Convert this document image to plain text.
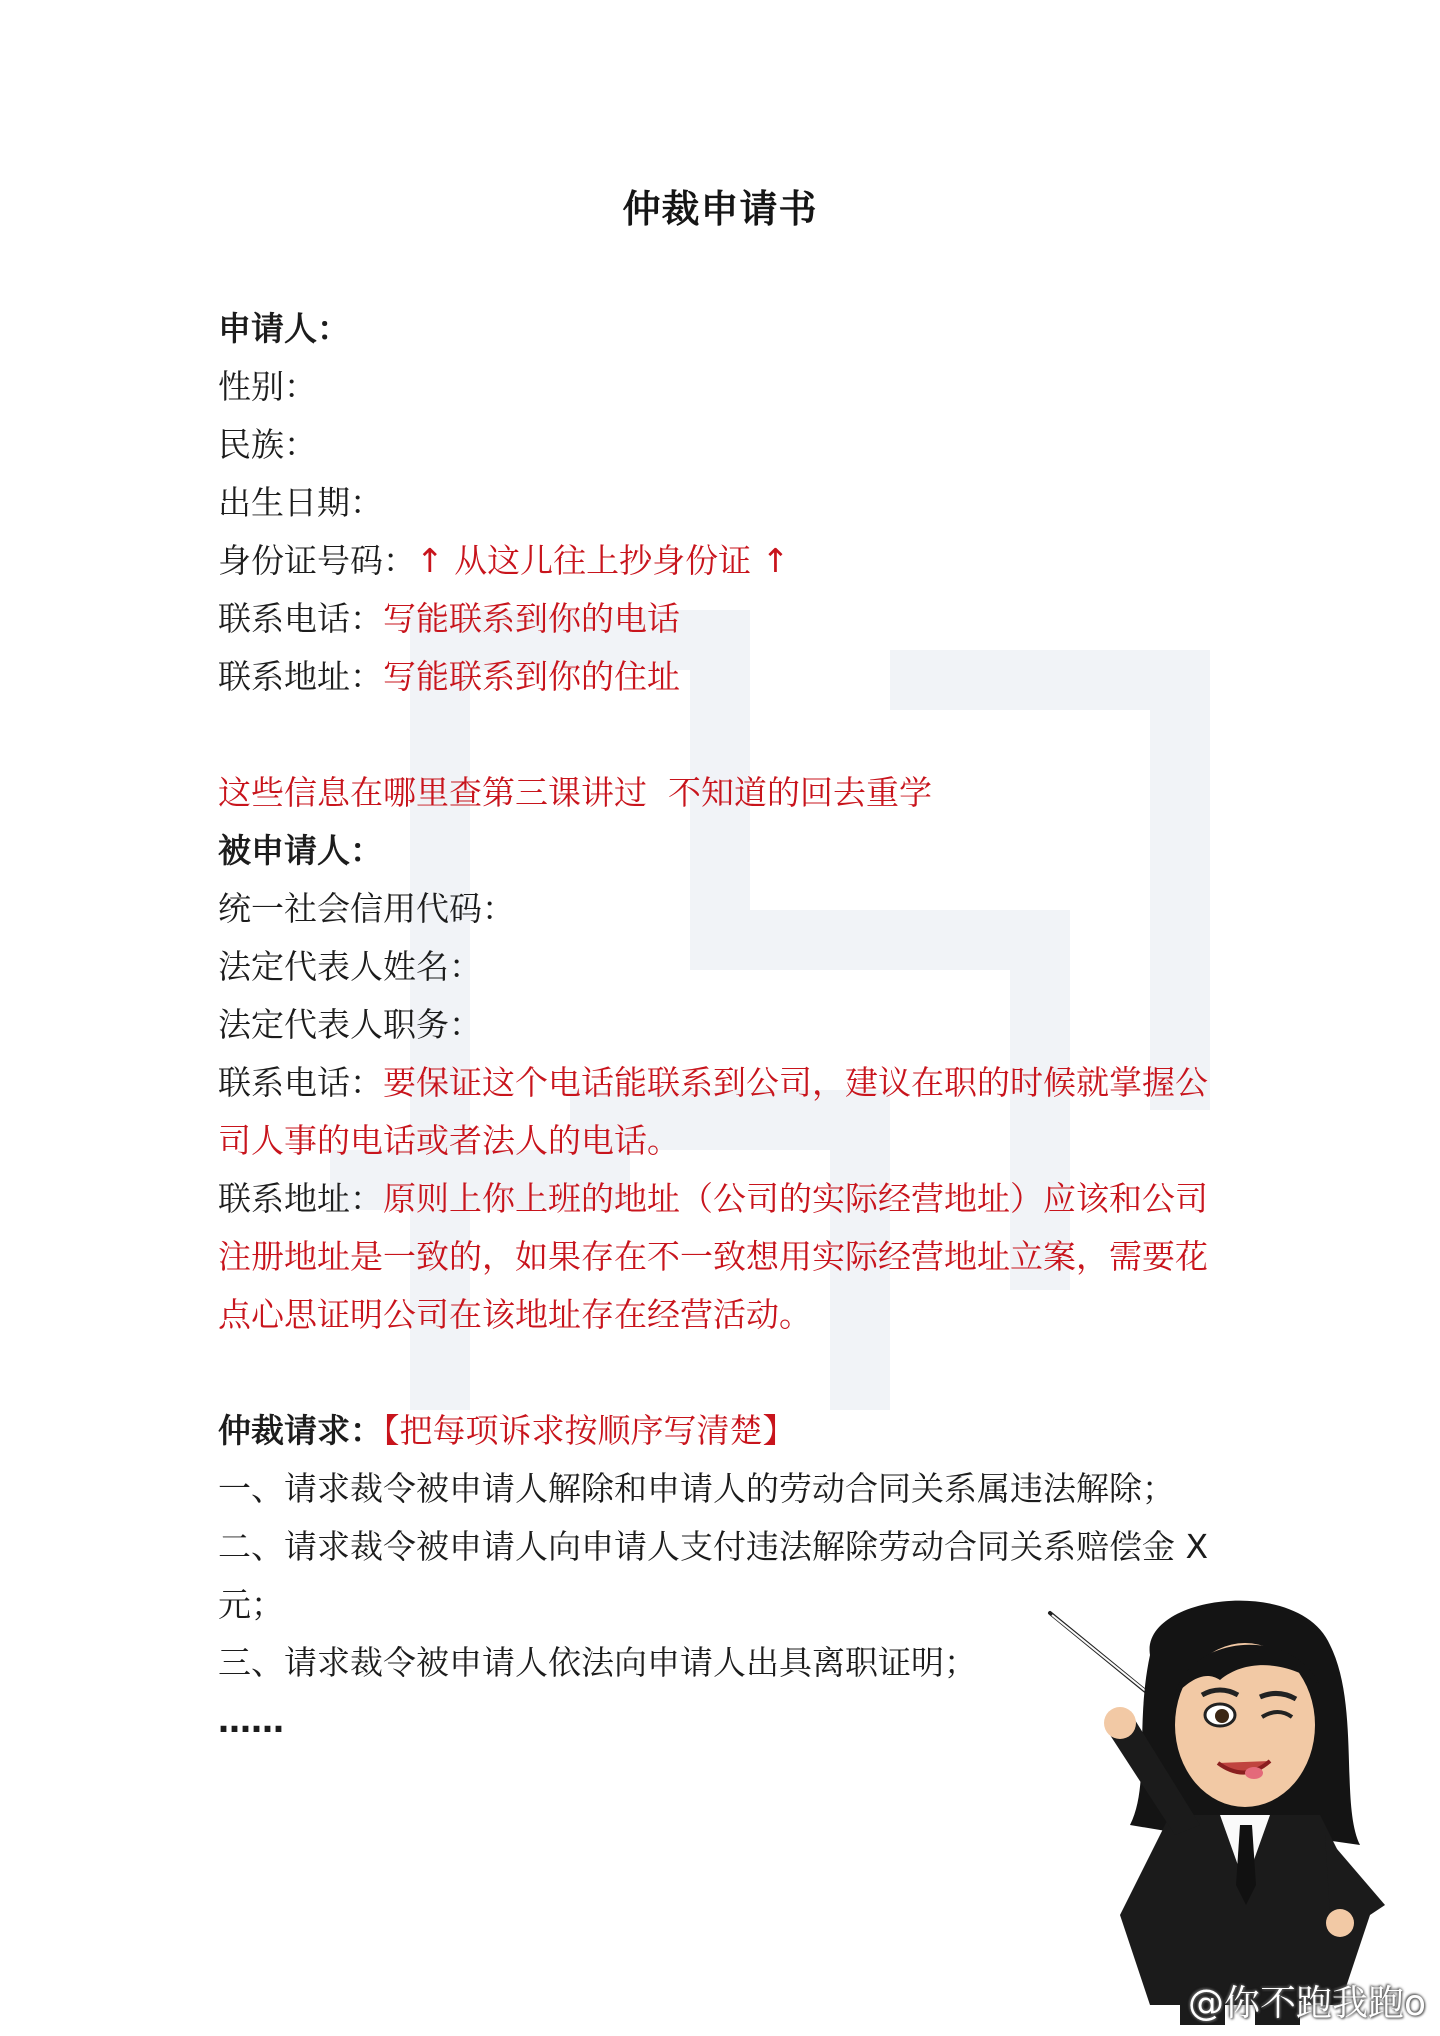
仲裁申请书

申请人：

性别：

民族：

出生日期：

身份证号码：↑ 从这儿往上抄身份证 ↑

联系电话：写能联系到你的电话

联系地址：写能联系到你的住址

这些信息在哪里查第三课讲过  不知道的回去重学

被申请人：

统一社会信用代码：

法定代表人姓名：

法定代表人职务：

联系电话：要保证这个电话能联系到公司，建议在职的时候就掌握公司人事的电话或者法人的电话。

联系地址：原则上你上班的地址（公司的实际经营地址）应该和公司注册地址是一致的，如果存在不一致想用实际经营地址立案，需要花点心思证明公司在该地址存在经营活动。

仲裁请求：【把每项诉求按顺序写清楚】

一、请求裁令被申请人解除和申请人的劳动合同关系属违法解除；

二、请求裁令被申请人向申请人支付违法解除劳动合同关系赔偿金 X 元；

三、请求裁令被申请人依法向申请人出具离职证明；

……

@你不跑我跑o
